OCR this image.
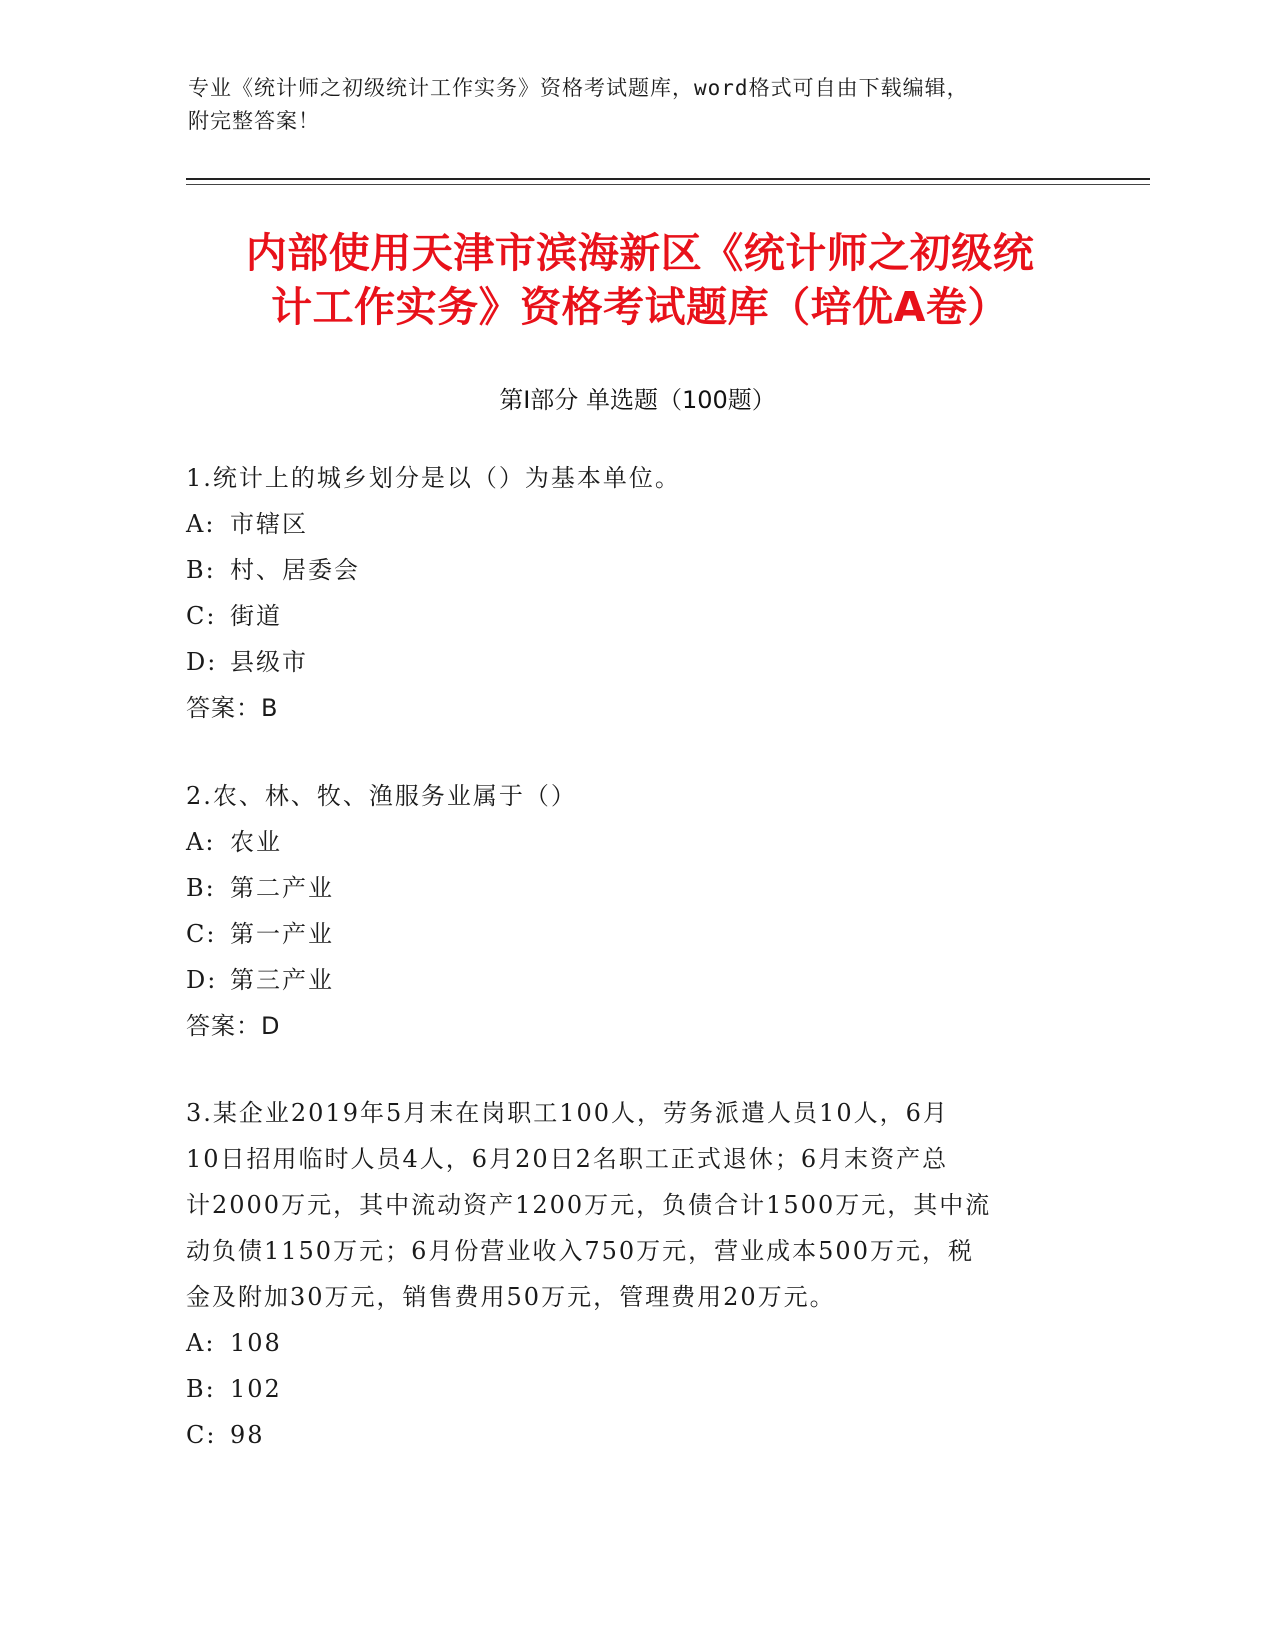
专业《统计师之初级统计工作实务》资格考试题库，word格式可自由下载编辑，
附完整答案！
内部使用天津市滨海新区《统计师之初级统
计工作实务》资格考试题库（培优A卷）
第Ⅰ部分 单选题（100题）
1.统计上的城乡划分是以（）为基本单位。
A: 市辖区
B: 村、居委会
C: 街道
D: 县级市
答案：B
2.农、林、牧、渔服务业属于（）
A: 农业
B: 第二产业
C: 第一产业
D: 第三产业
答案：D
3.某企业2019年5月末在岗职工100人，劳务派遣人员10人，6月
10日招用临时人员4人，6月20日2名职工正式退休；6月末资产总
计2000万元，其中流动资产1200万元，负债合计1500万元，其中流
动负债1150万元；6月份营业收入750万元，营业成本500万元，税
金及附加30万元，销售费用50万元，管理费用20万元。
A: 108
B: 102
C: 98
